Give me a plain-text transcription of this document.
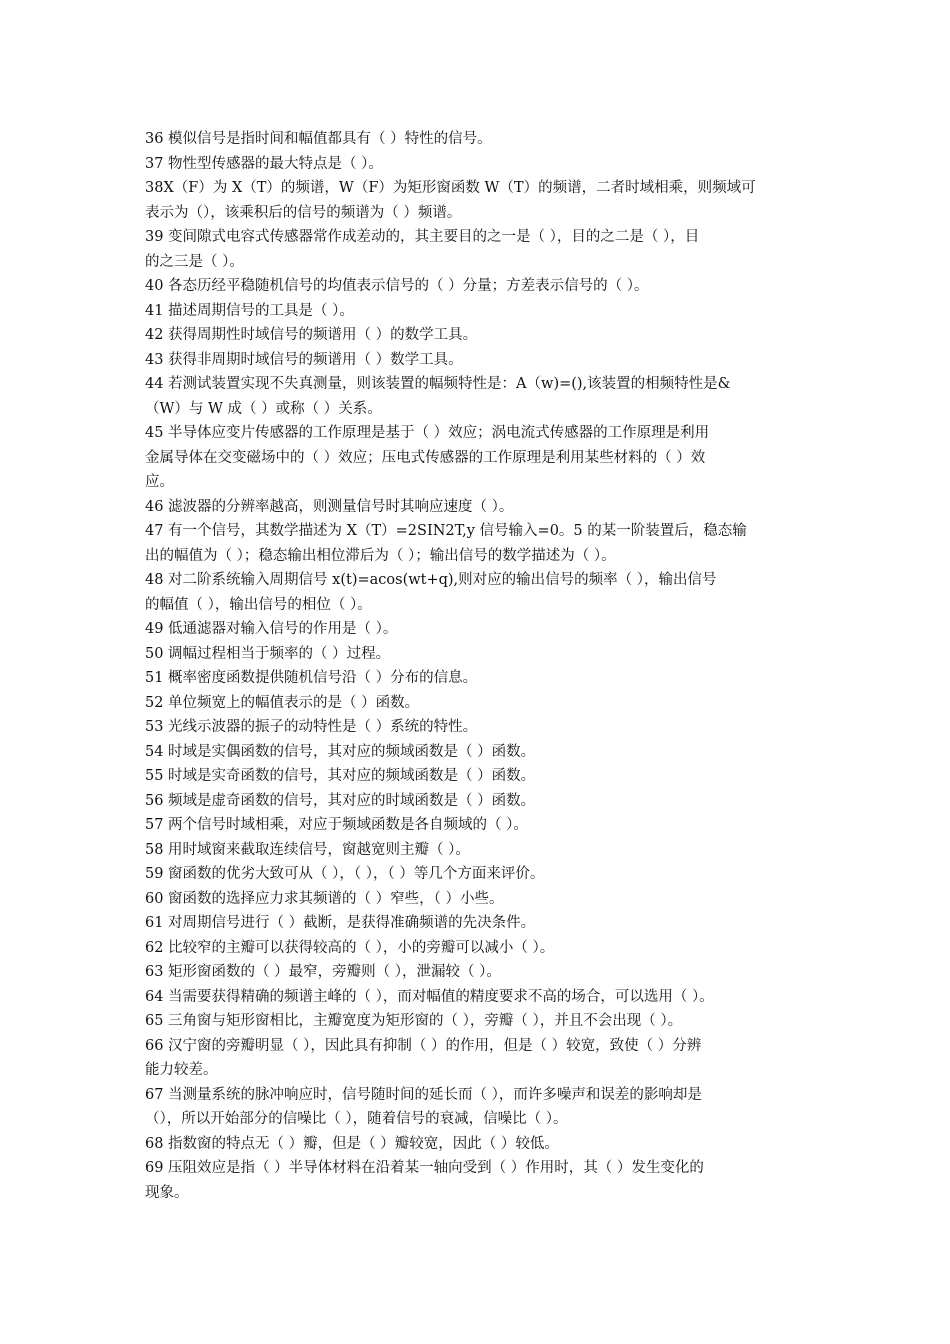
36 模似信号是指时间和幅值都具有（ ）特性的信号。
37 物性型传感器的最大特点是（ ）。
38X（F）为 X（T）的频谱，W（F）为矩形窗函数 W（T）的频谱，二者时域相乘，则频域可
表示为（），该乘积后的信号的频谱为（ ）频谱。
39 变间隙式电容式传感器常作成差动的，其主要目的之一是（ ），目的之二是（ ），目
的之三是（ ）。
40 各态历经平稳随机信号的均值表示信号的（ ）分量；方差表示信号的（ ）。
41 描述周期信号的工具是（ ）。
42 获得周期性时域信号的频谱用（ ）的数学工具。
43 获得非周期时域信号的频谱用（ ）数学工具。
44 若测试装置实现不失真测量，则该装置的幅频特性是：A（w)=(),该装置的相频特性是&
（W）与 W 成（ ）或称（ ）关系。
45 半导体应变片传感器的工作原理是基于（ ）效应；涡电流式传感器的工作原理是利用
金属导体在交变磁场中的（ ）效应；压电式传感器的工作原理是利用某些材料的（ ）效
应。
46 滤波器的分辨率越高，则测量信号时其响应速度（ ）。
47 有一个信号，其数学描述为 X（T）=2SIN2T,y 信号输入=0。5 的某一阶装置后，稳态输
出的幅值为（ ）；稳态输出相位滞后为（ ）；输出信号的数学描述为（ ）。
48 对二阶系统输入周期信号 x(t)=acos(wt+q),则对应的输出信号的频率（ ），输出信号
的幅值（ ），输出信号的相位（ ）。
49 低通滤器对输入信号的作用是（ ）。
50 调幅过程相当于频率的（ ）过程。
51 概率密度函数提供随机信号沿（ ）分布的信息。
52 单位频宽上的幅值表示的是（ ）函数。
53 光线示波器的振子的动特性是（ ）系统的特性。
54 时域是实偶函数的信号，其对应的频域函数是（ ）函数。
55 时域是实奇函数的信号，其对应的频域函数是（ ）函数。
56 频域是虚奇函数的信号，其对应的时域函数是（ ）函数。
57 两个信号时域相乘，对应于频域函数是各自频域的（ ）。
58 用时域窗来截取连续信号，窗越宽则主瓣（ ）。
59 窗函数的优劣大致可从（ ），（ ），（ ）等几个方面来评价。
60 窗函数的选择应力求其频谱的（ ）窄些，（ ）小些。
61 对周期信号进行（ ）截断，是获得准确频谱的先决条件。
62 比较窄的主瓣可以获得较高的（ ），小的旁瓣可以减小（ ）。
63 矩形窗函数的（ ）最窄，旁瓣则（ ），泄漏较（ ）。
64 当需要获得精确的频谱主峰的（ ），而对幅值的精度要求不高的场合，可以选用（ ）。
65 三角窗与矩形窗相比，主瓣宽度为矩形窗的（ ），旁瓣（ ），并且不会出现（ ）。
66 汉宁窗的旁瓣明显（ ），因此具有抑制（ ）的作用，但是（ ）较宽，致使（ ）分辨
能力较差。
67 当测量系统的脉冲响应时，信号随时间的延长而（ ），而许多噪声和误差的影响却是
（），所以开始部分的信噪比（ ），随着信号的衰减，信噪比（ ）。
68 指数窗的特点无（ ）瓣，但是（ ）瓣较宽，因此（ ）较低。
69 压阻效应是指（ ）半导体材料在沿着某一轴向受到（ ）作用时，其（ ）发生变化的
现象。
